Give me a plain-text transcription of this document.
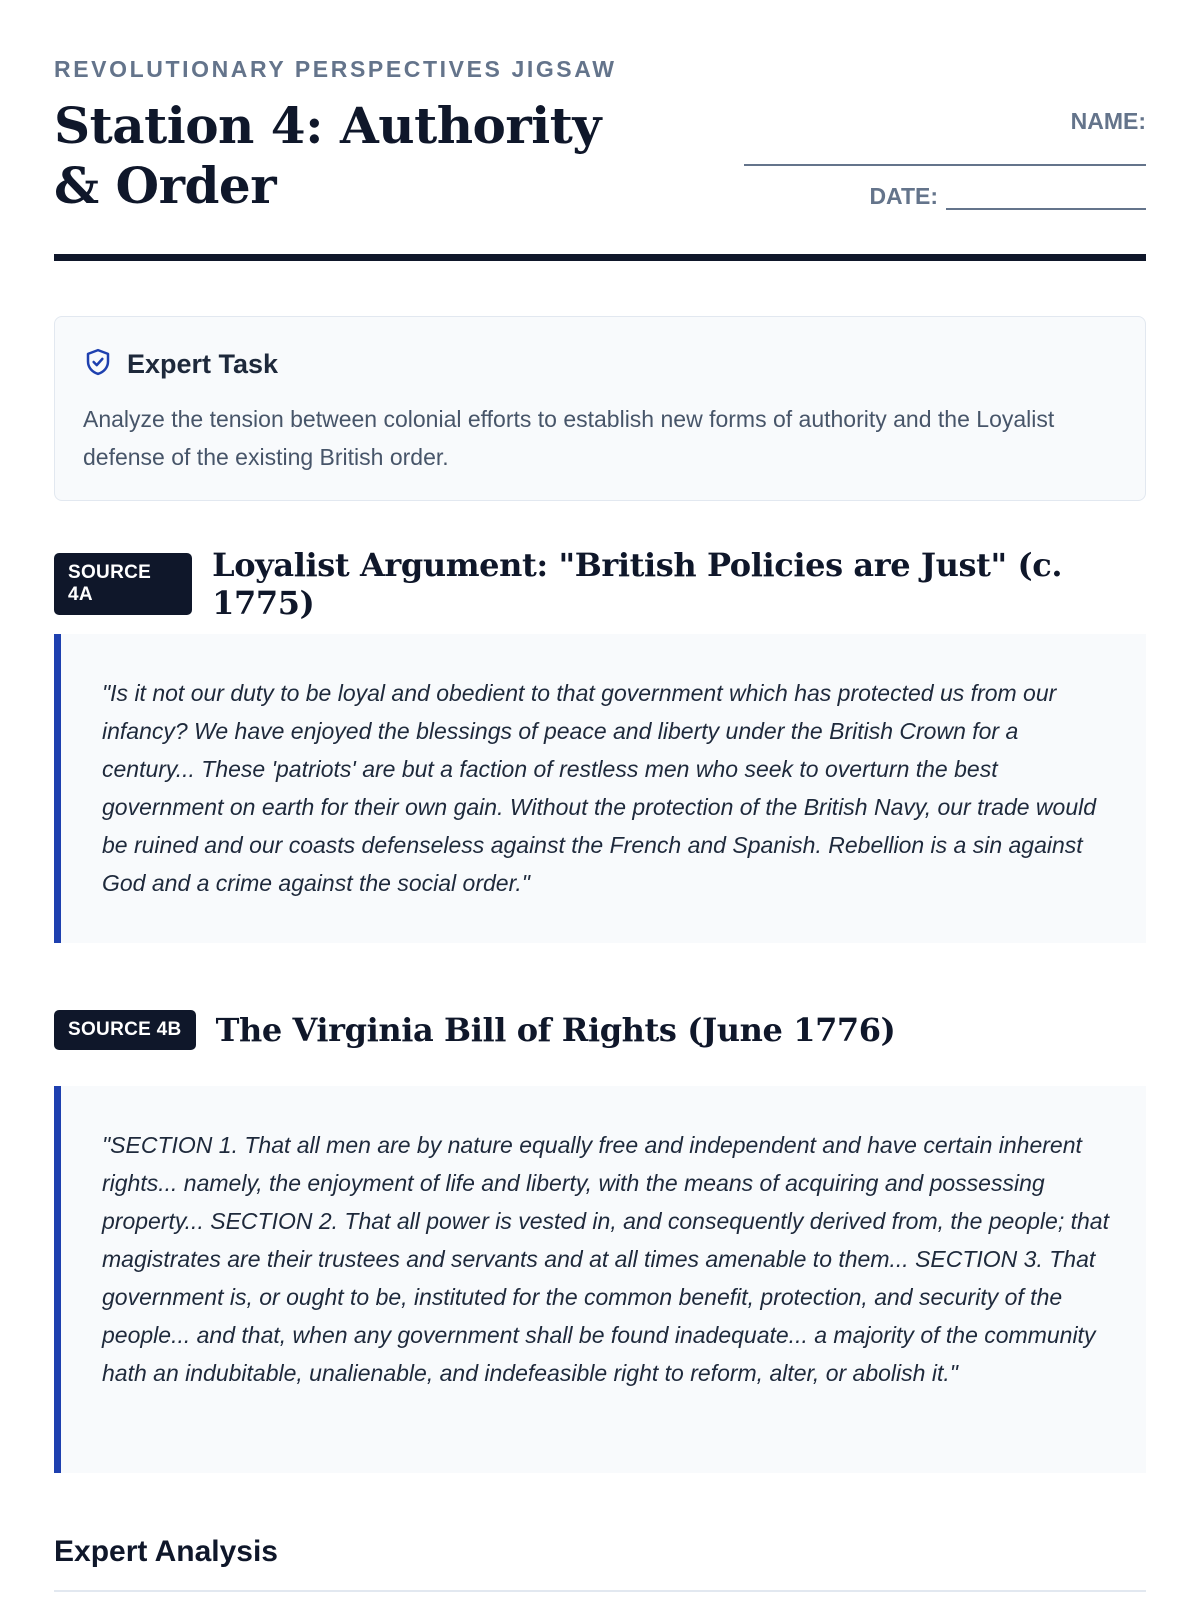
REVOLUTIONARY PERSPECTIVES JIGSAW
Station 4: Authority & Order
NAME:
DATE:
Expert Task
Analyze the tension between colonial efforts to establish new forms of authority and the Loyalist defense of the existing British order.
SOURCE 4A
Loyalist Argument: "British Policies are Just" (c. 1775)
"Is it not our duty to be loyal and obedient to that government which has protected us from our infancy? We have enjoyed the blessings of peace and liberty under the British Crown for a century... These 'patriots' are but a faction of restless men who seek to overturn the best government on earth for their own gain. Without the protection of the British Navy, our trade would be ruined and our coasts defenseless against the French and Spanish. Rebellion is a sin against God and a crime against the social order."
SOURCE 4B	The Virginia Bill of Rights (June 1776)
"SECTION 1. That all men are by nature equally free and independent and have certain inherent rights... namely, the enjoyment of life and liberty, with the means of acquiring and possessing property... SECTION 2. That all power is vested in, and consequently derived from, the people; that magistrates are their trustees and servants and at all times amenable to them... SECTION 3. That government is, or ought to be, instituted for the common benefit, protection, and security of the people... and that, when any government shall be found inadequate... a majority of the community hath an indubitable, unalienable, and indefeasible right to reform, alter, or abolish it."
Expert Analysis
